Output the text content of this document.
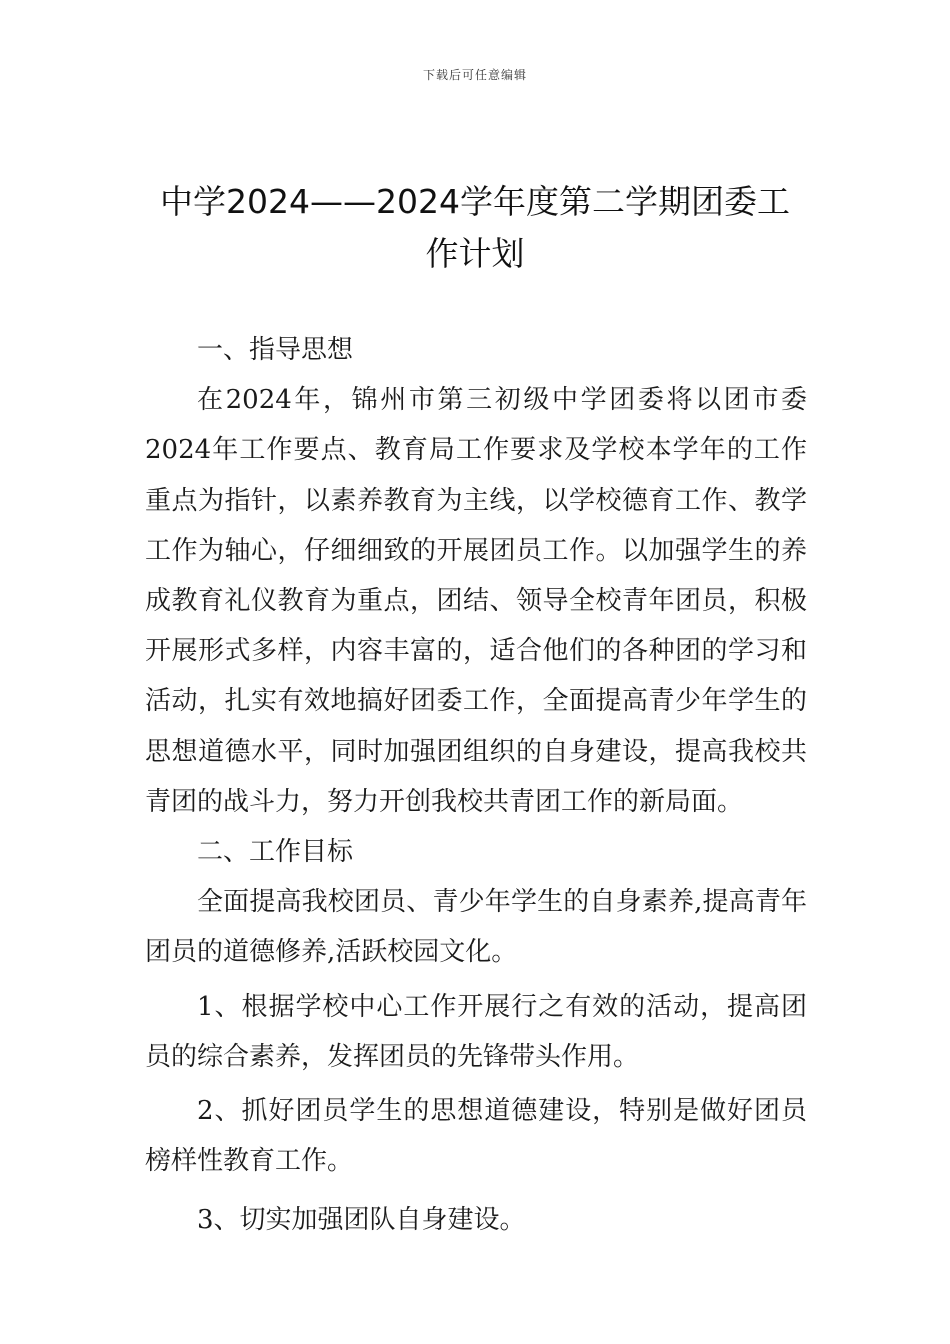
下载后可任意编辑
中学2024——2024学年度第二学期团委工作计划

一、指导思想

在2024年，锦州市第三初级中学团委将以团市委2024年工作要点、教育局工作要求及学校本学年的工作重点为指针，以素养教育为主线，以学校德育工作、教学工作为轴心，仔细细致的开展团员工作。以加强学生的养成教育礼仪教育为重点，团结、领导全校青年团员，积极开展形式多样，内容丰富的，适合他们的各种团的学习和活动，扎实有效地搞好团委工作，全面提高青少年学生的思想道德水平，同时加强团组织的自身建设，提高我校共青团的战斗力，努力开创我校共青团工作的新局面。

二、工作目标

全面提高我校团员、青少年学生的自身素养,提高青年团员的道德修养,活跃校园文化。

1、根据学校中心工作开展行之有效的活动，提高团员的综合素养，发挥团员的先锋带头作用。

2、抓好团员学生的思想道德建设，特别是做好团员榜样性教育工作。

3、切实加强团队自身建设。
